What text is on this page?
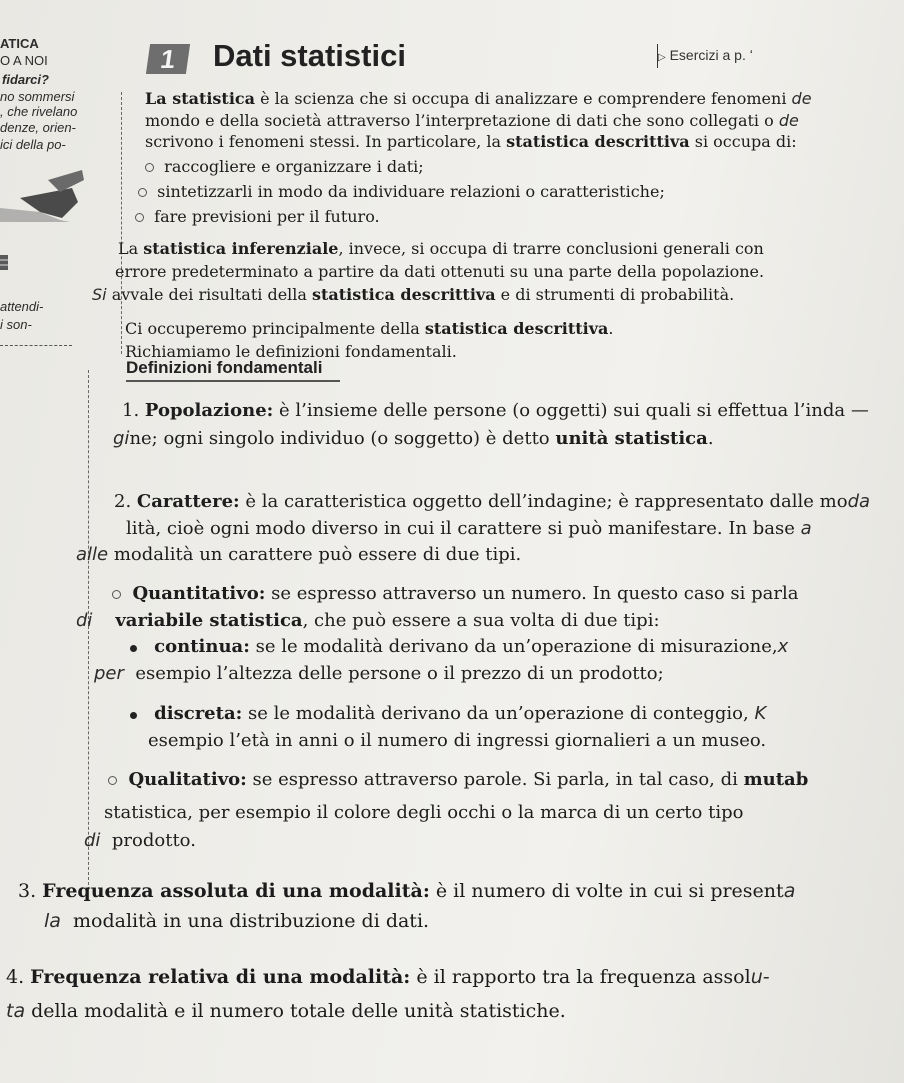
ATICA
O A NOI
fidarci?
no sommersi
, che rivelano
denze, orien-
ici della po-
attendi-
i son-
1	Dati statistici	▷ Esercizi a p. ʻ
La statistica è la scienza che si occupa di analizzare e comprendere fenomeni de
mondo e della società attraverso l’interpretazione di dati che sono collegati o de
scrivono i fenomeni stessi. In particolare, la statistica descrittiva si occupa di:
raccogliere e organizzare i dati;
sintetizzarli in modo da individuare relazioni o caratteristiche;
fare previsioni per il futuro.
La statistica inferenziale, invece, si occupa di trarre conclusioni generali con
errore predeterminato a partire da dati ottenuti su una parte della popolazione.
Si avvale dei risultati della statistica descrittiva e di strumenti di probabilità.
Ci occuperemo principalmente della statistica descrittiva.
Richiamiamo le definizioni fondamentali.
Definizioni fondamentali
1. Popolazione: è l’insieme delle persone (o oggetti) sui quali si effettua l’inda —
gine; ogni singolo individuo (o soggetto) è detto unità statistica.
2. Carattere: è la caratteristica oggetto dell’indagine; è rappresentato dalle moda
lità, cioè ogni modo diverso in cui il carattere si può manifestare. In base a
alle modalità un carattere può essere di due tipi.
Quantitativo: se espresso attraverso un numero. In questo caso si parla
di variabile statistica, che può essere a sua volta di due tipi:
continua: se le modalità derivano da un’operazione di misurazione,x
per esempio l’altezza delle persone o il prezzo di un prodotto;
discreta: se le modalità derivano da un’operazione di conteggio, K
esempio l’età in anni o il numero di ingressi giornalieri a un museo.
Qualitativo: se espresso attraverso parole. Si parla, in tal caso, di mutab
statistica, per esempio il colore degli occhi o la marca di un certo tipo
di prodotto.
3. Frequenza assoluta di una modalità: è il numero di volte in cui si presenta
la modalità in una distribuzione di dati.
4. Frequenza relativa di una modalità: è il rapporto tra la frequenza assolu-
ta della modalità e il numero totale delle unità statistiche.
